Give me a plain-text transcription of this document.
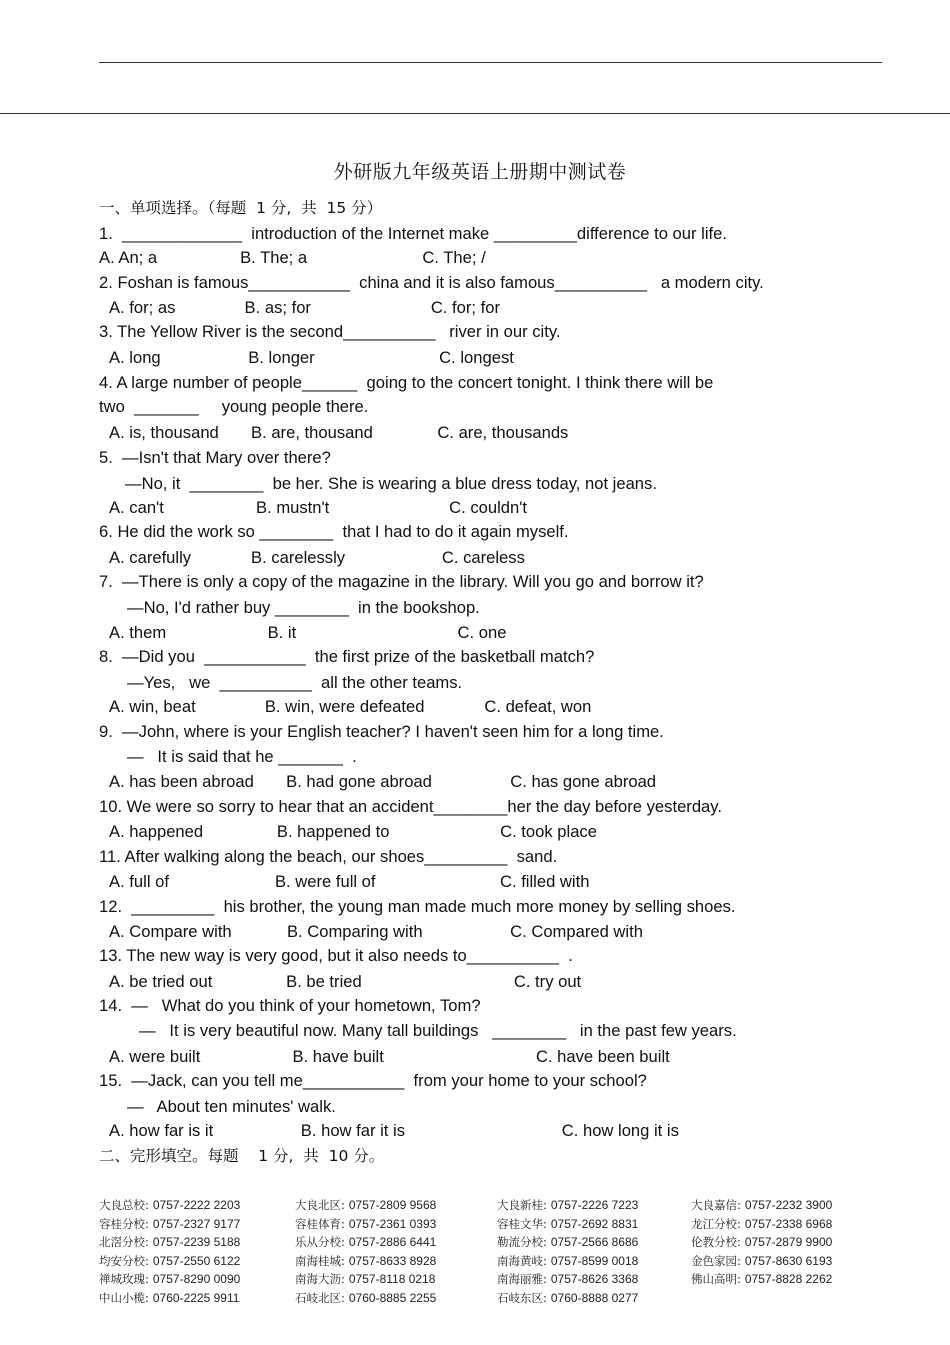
外研版九年级英语上册期中测试卷
一、单项选择。（每题  1 分,  共  15 分）
1.  _____________  introduction of the Internet make _________difference to our life.
A. An; a                  B. The; a                         C. The; /
2. Foshan is famous___________  china and it is also famous__________   a modern city.
A. for; as               B. as; for                          C. for; for
3. The Yellow River is the second__________   river in our city.
A. long                   B. longer                           C. longest
4. A large number of people______  going to the concert tonight. I think there will be
two  _______     young people there.
A. is, thousand       B. are, thousand              C. are, thousands
5.  —Isn't that Mary over there?
—No, it  ________  be her. She is wearing a blue dress today, not jeans.
A. can't                    B. mustn't                          C. couldn't
6. He did the work so ________  that I had to do it again myself.
A. carefully             B. carelessly                     C. careless
7.  —There is only a copy of the magazine in the library. Will you go and borrow it?
—No, I'd rather buy ________  in the bookshop.
A. them                      B. it                                   C. one
8.  —Did you  ___________  the first prize of the basketball match?
—Yes,   we  __________  all the other teams.
A. win, beat               B. win, were defeated             C. defeat, won
9.  —John, where is your English teacher? I haven't seen him for a long time.
—   It is said that he _______  .
A. has been abroad       B. had gone abroad                 C. has gone abroad
10. We were so sorry to hear that an accident________her the day before yesterday.
A. happened                B. happened to                        C. took place
11. After walking along the beach, our shoes_________  sand.
A. full of                       B. were full of                           C. filled with
12.  _________  his brother, the young man made much more money by selling shoes.
A. Compare with            B. Comparing with                   C. Compared with
13. The new way is very good, but it also needs to__________  .
A. be tried out                B. be tried                                 C. try out
14.  —   What do you think of your hometown, Tom?
—   It is very beautiful now. Many tall buildings   ________   in the past few years.
A. were built                    B. have built                                 C. have been built
15.  —Jack, can you tell me___________  from your home to your school?
—   About ten minutes' walk.
A. how far is it                   B. how far it is                                  C. how long it is
二、完形填空。每题    1 分,  共  10 分。
大良总校: 0757-2222 2203	大良北区: 0757-2809 9568	大良新桂: 0757-2226 7223	大良嘉信: 0757-2232 3900
容桂分校: 0757-2327 9177	容桂体育: 0757-2361 0393	容桂文华: 0757-2692 8831	龙江分校: 0757-2338 6968
北滘分校: 0757-2239 5188	乐从分校: 0757-2886 6441	勒流分校: 0757-2566 8686	伦教分校: 0757-2879 9900
均安分校: 0757-2550 6122	南海桂城: 0757-8633 8928	南海黄岐: 0757-8599 0018	金色家园: 0757-8630 6193
禅城玫瑰: 0757-8290 0090	南海大沥: 0757-8118 0218	南海丽雅: 0757-8626 3368	佛山高明: 0757-8828 2262
中山小榄: 0760-2225 9911	石岐北区: 0760-8885 2255	石岐东区: 0760-8888 0277
